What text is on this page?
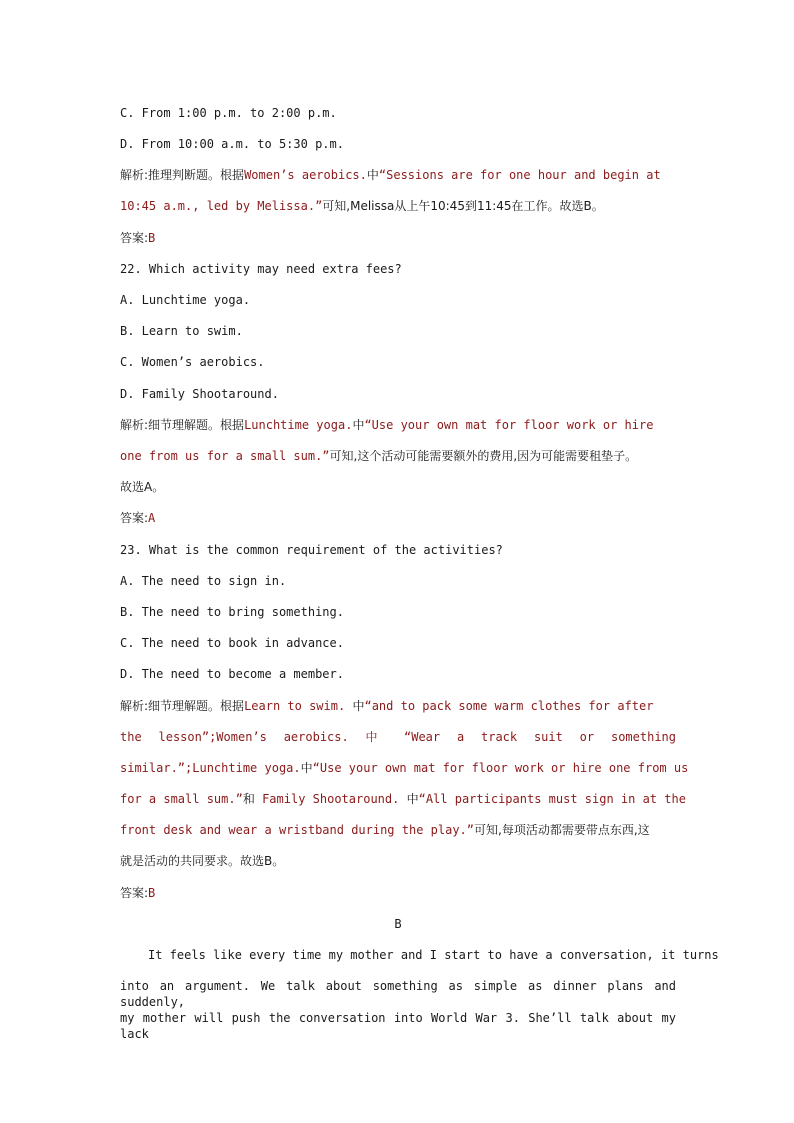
C. From 1:00 p.m. to 2:00 p.m.
D. From 10:00 a.m. to 5:30 p.m.
解析:推理判断题。根据Women’s aerobics.中“Sessions are for one hour and begin at
10:45 a.m., led by Melissa.”可知,Melissa从上午10:45到11:45在工作。故选B。
答案:B
22. Which activity may need extra fees?
A. Lunchtime yoga.
B. Learn to swim.
C. Women’s aerobics.
D. Family Shootaround.
解析:细节理解题。根据Lunchtime yoga.中“Use your own mat for floor work or hire
one from us for a small sum.”可知,这个活动可能需要额外的费用,因为可能需要租垫子。
故选A。
答案:A
23. What is the common requirement of the activities?
A. The need to sign in.
B. The need to bring something.
C. The need to book in advance.
D. The need to become a member.
解析:细节理解题。根据Learn to swim. 中“and to pack some warm clothes for after
the lesson”;Women’s aerobics. 中 “Wear a track suit or something
similar.”;Lunchtime yoga.中“Use your own mat for floor work or hire one from us
for a small sum.”和 Family Shootaround. 中“All participants must sign in at the
front desk and wear a wristband during the play.”可知,每项活动都需要带点东西,这
就是活动的共同要求。故选B。
答案:B
B
It feels like every time my mother and I start to have a conversation, it turns
into an argument. We talk about something as simple as dinner plans and suddenly,
my mother will push the conversation into World War 3. She’ll talk about my lack
